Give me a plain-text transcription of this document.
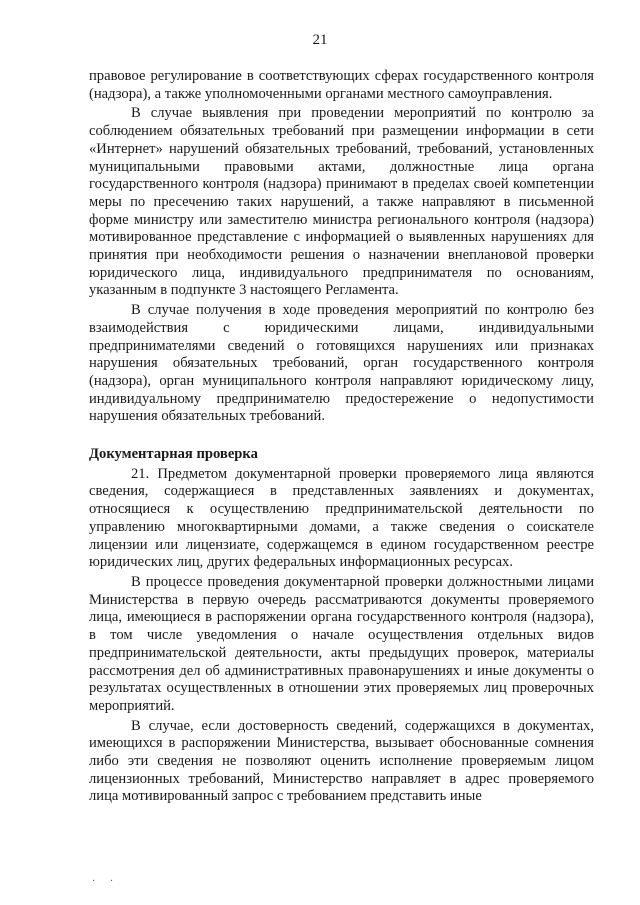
21

правовое регулирование в соответствующих сферах государственного контроля (надзора), а также уполномоченными органами местного самоуправления.

В случае выявления при проведении мероприятий по контролю за соблюдением обязательных требований при размещении информации в сети «Интернет» нарушений обязательных требований, требований, установленных муниципальными правовыми актами, должностные лица органа государственного контроля (надзора) принимают в пределах своей компетенции меры по пресечению таких нарушений, а также направляют в письменной форме министру или заместителю министра регионального контроля (надзора) мотивированное представление с информацией о выявленных нарушениях для принятия при необходимости решения о назначении внеплановой проверки юридического лица, индивидуального предпринимателя по основаниям, указанным в подпункте 3 настоящего Регламента.

В случае получения в ходе проведения мероприятий по контролю без взаимодействия с юридическими лицами, индивидуальными предпринимателями сведений о готовящихся нарушениях или признаках нарушения обязательных требований, орган государственного контроля (надзора), орган муниципального контроля направляют юридическому лицу, индивидуальному предпринимателю предостережение о недопустимости нарушения обязательных требований.

Документарная проверка

21. Предметом документарной проверки проверяемого лица являются сведения, содержащиеся в представленных заявлениях и документах, относящиеся к осуществлению предпринимательской деятельности по управлению многоквартирными домами, а также сведения о соискателе лицензии или лицензиате, содержащемся в едином государственном реестре юридических лиц, других федеральных информационных ресурсах.

В процессе проведения документарной проверки должностными лицами Министерства в первую очередь рассматриваются документы проверяемого лица, имеющиеся в распоряжении органа государственного контроля (надзора), в том числе уведомления о начале осуществления отдельных видов предпринимательской деятельности, акты предыдущих проверок, материалы рассмотрения дел об административных правонарушениях и иные документы о результатах осуществленных в отношении этих проверяемых лиц проверочных мероприятий.

В случае, если достоверность сведений, содержащихся в документах, имеющихся в распоряжении Министерства, вызывает обоснованные сомнения либо эти сведения не позволяют оценить исполнение проверяемым лицом лицензионных требований, Министерство направляет в адрес проверяемого лица мотивированный запрос с требованием представить иные

· ·
